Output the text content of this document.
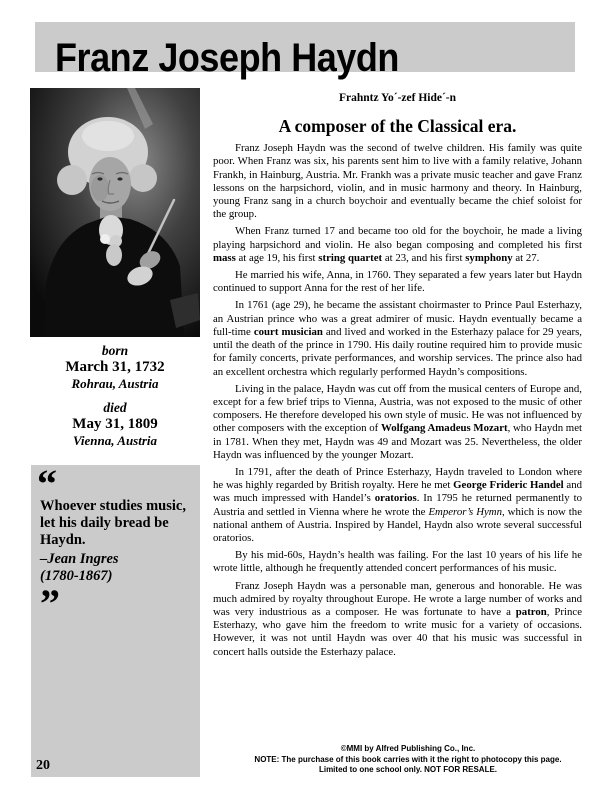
Franz Joseph Haydn
born
March 31, 1732
Rohrau, Austria
died
May 31, 1809
Vienna, Austria
“
Whoever studies music, let his daily bread be Haydn.
–Jean Ingres
(1780-1867)
”
20
Frahntz Yo´-zef Hide´-n
A composer of the Classical era.

Franz Joseph Haydn was the second of twelve children. His family was quite poor. When Franz was six, his parents sent him to live with a family relative, Johann Frankh, in Hainburg, Austria. Mr. Frankh was a private music teacher and gave Franz lessons on the harpsichord, violin, and in music harmony and theory. In Hainburg, young Franz sang in a church boychoir and eventually became the chief soloist for the group.

When Franz turned 17 and became too old for the boychoir, he made a living playing harpsichord and violin. He also began composing and completed his first mass at age 19, his first string quartet at 23, and his first symphony at 27.

He married his wife, Anna, in 1760. They separated a few years later but Haydn continued to support Anna for the rest of her life.

In 1761 (age 29), he became the assistant choirmaster to Prince Paul Esterhazy, an Austrian prince who was a great admirer of music. Haydn eventually became a full-time court musician and lived and worked in the Esterhazy palace for 29 years, until the death of the prince in 1790. His daily routine required him to provide music for family concerts, private performances, and worship services. The prince also had an excellent orchestra which regularly performed Haydn’s compositions.

Living in the palace, Haydn was cut off from the musical centers of Europe and, except for a few brief trips to Vienna, Austria, was not exposed to the music of other composers. He therefore developed his own style of music. He was not influenced by other composers with the exception of Wolfgang Amadeus Mozart, who Haydn met in 1781. When they met, Haydn was 49 and Mozart was 25. Nevertheless, the older Haydn was influenced by the younger Mozart.

In 1791, after the death of Prince Esterhazy, Haydn traveled to London where he was highly regarded by British royalty. Here he met George Frideric Handel and was much impressed with Handel’s oratorios. In 1795 he returned permanently to Austria and settled in Vienna where he wrote the Emperor’s Hymn, which is now the national anthem of Austria. Inspired by Handel, Haydn also wrote several successful oratorios.

By his mid-60s, Haydn’s health was failing. For the last 10 years of his life he wrote little, although he frequently attended concert performances of his music.

Franz Joseph Haydn was a personable man, generous and honorable. He was much admired by royalty throughout Europe. He wrote a large number of works and was very industrious as a composer. He was fortunate to have a patron, Prince Esterhazy, who gave him the freedom to write music for a variety of occasions. However, it was not until Haydn was over 40 that his music was successful in concert halls outside the Esterhazy palace.

©MMI by Alfred Publishing Co., Inc.
NOTE: The purchase of this book carries with it the right to photocopy this page.
Limited to one school only. NOT FOR RESALE.
